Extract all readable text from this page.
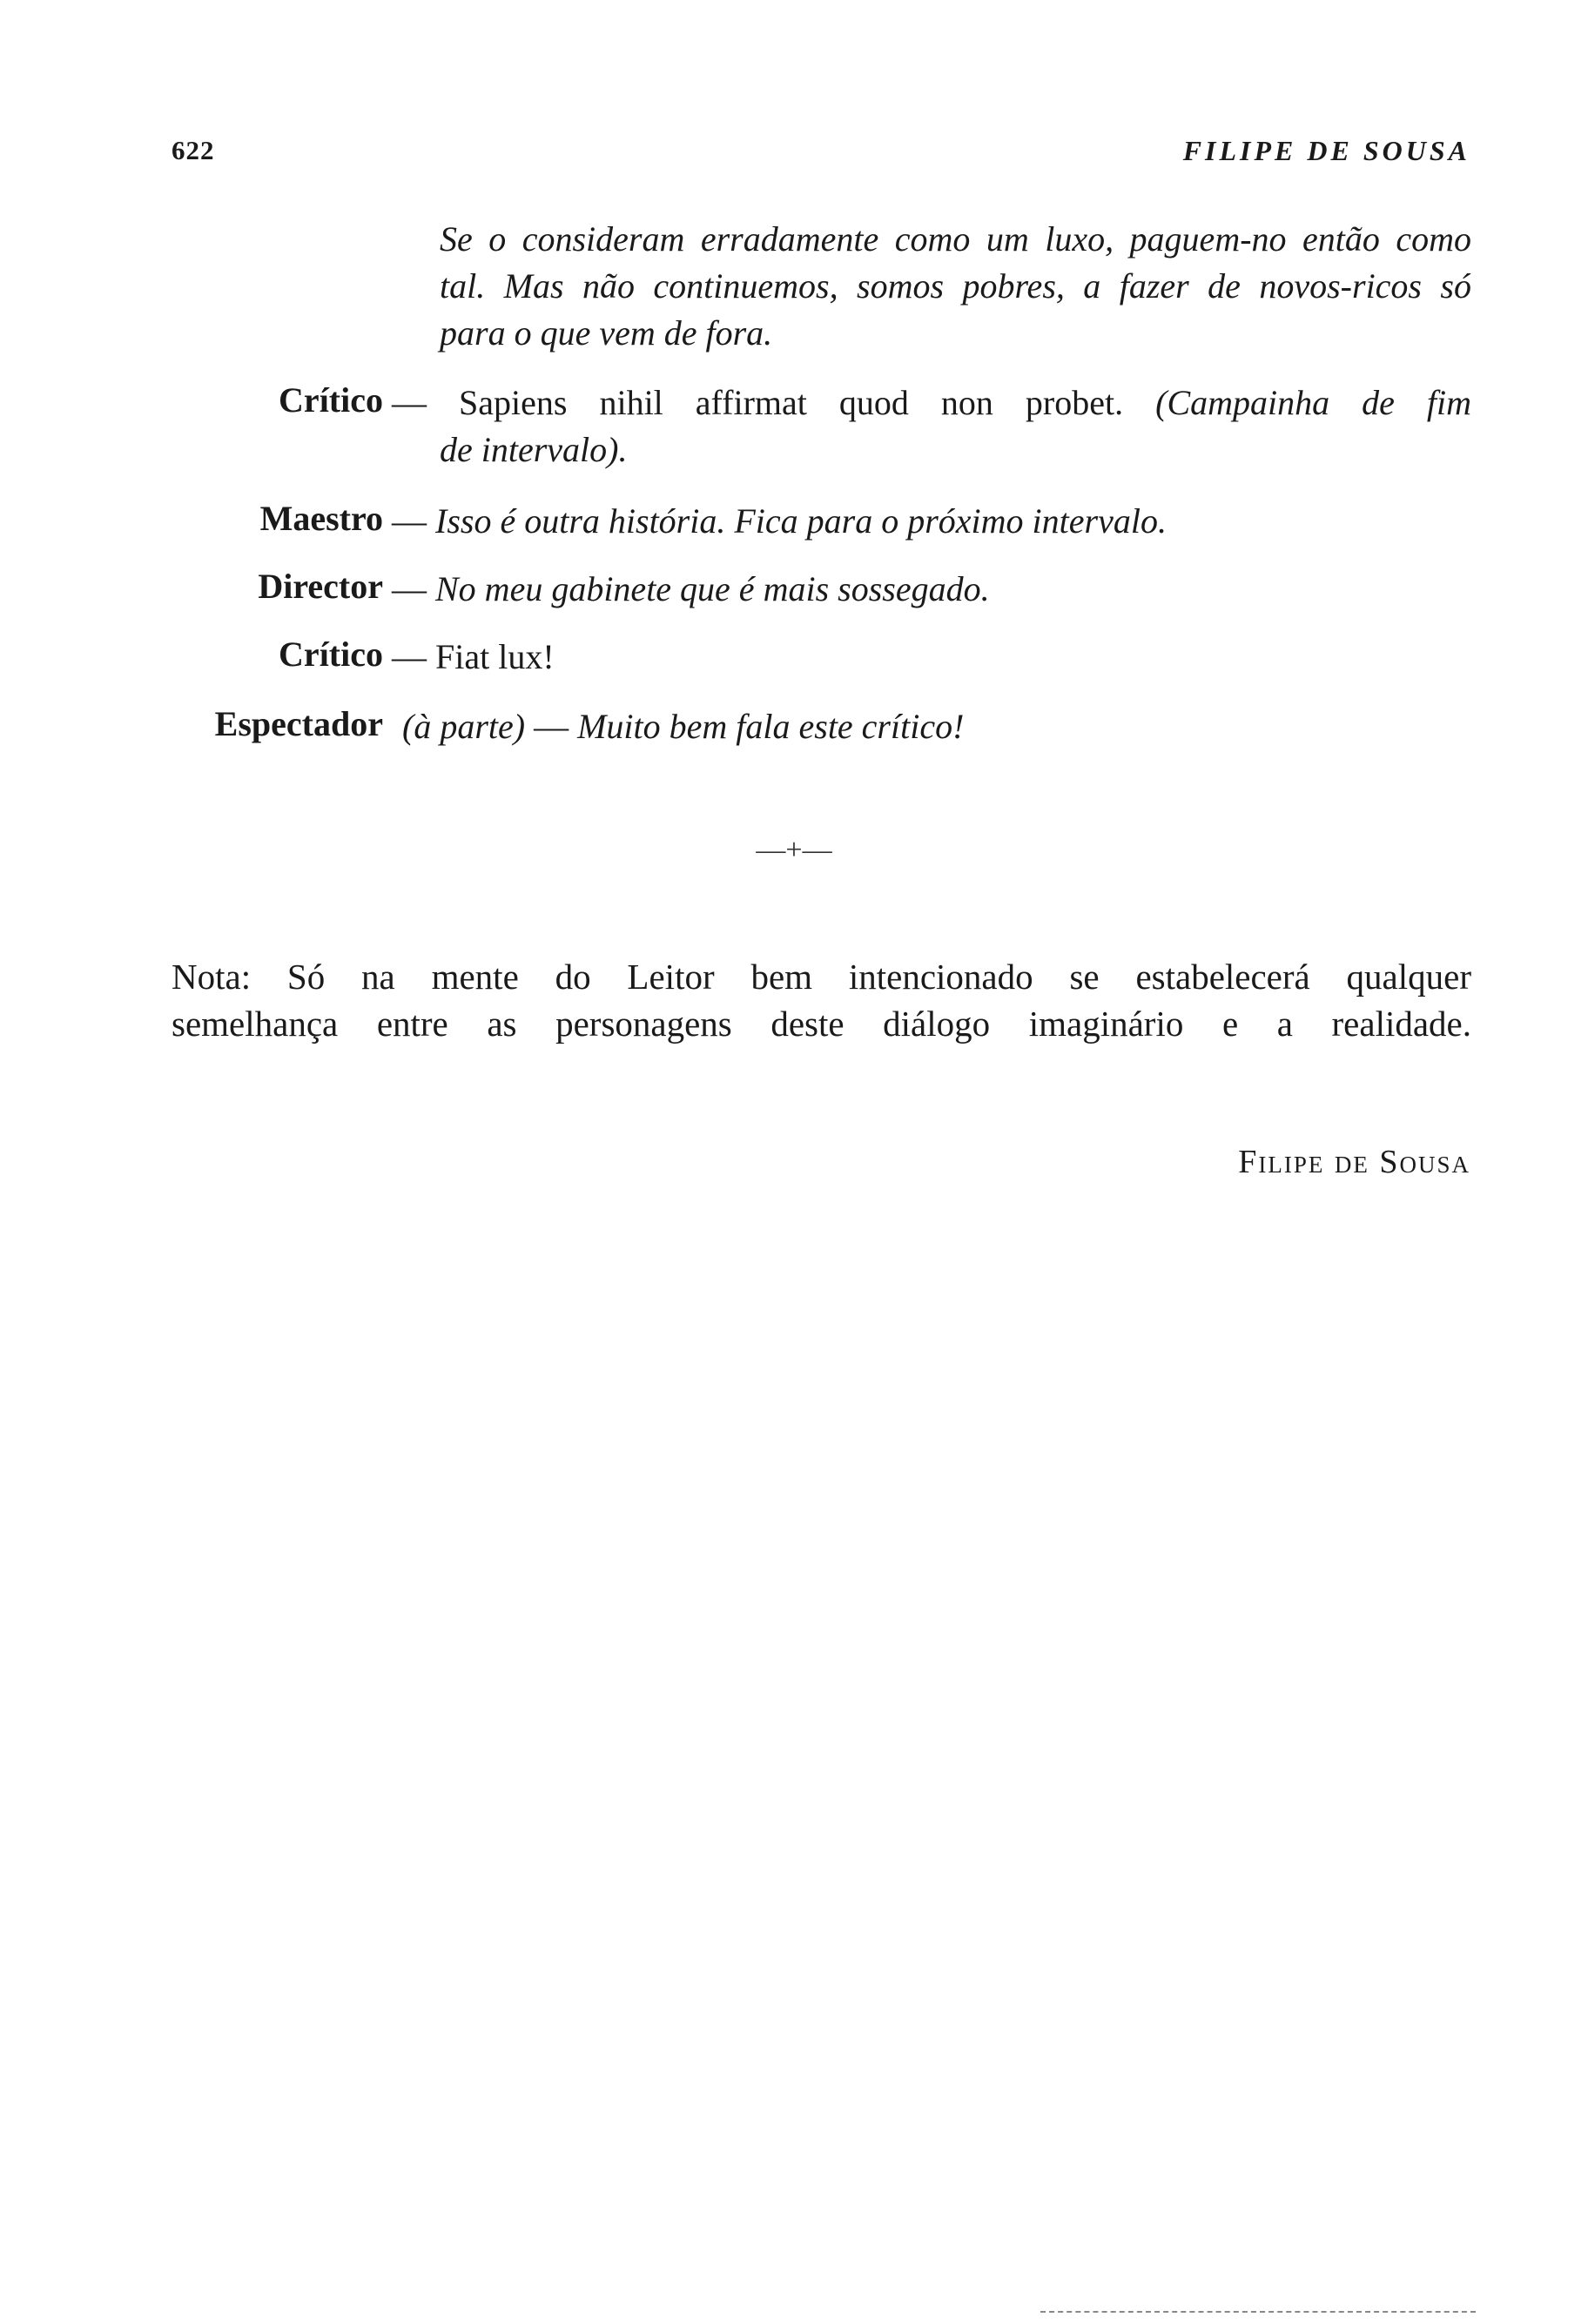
622	FILIPE DE SOUSA
Se o consideram erradamente como um luxo, paguem-no então como
tal. Mas não continuemos, somos pobres, a fazer de novos-ricos só
para o que vem de fora.
Crítico — Sapiens nihil affirmat quod non probet. (Campainha de fim
de intervalo).
Maestro — Isso é outra história. Fica para o próximo intervalo.
Director — No meu gabinete que é mais sossegado.
Crítico — Fiat lux!
Espectador (à parte) — Muito bem fala este crítico!
—+—
Nota: Só na mente do Leitor bem intencionado se estabelecerá qualquer
semelhança entre as personagens deste diálogo imaginário e a realidade.
Filipe de Sousa
